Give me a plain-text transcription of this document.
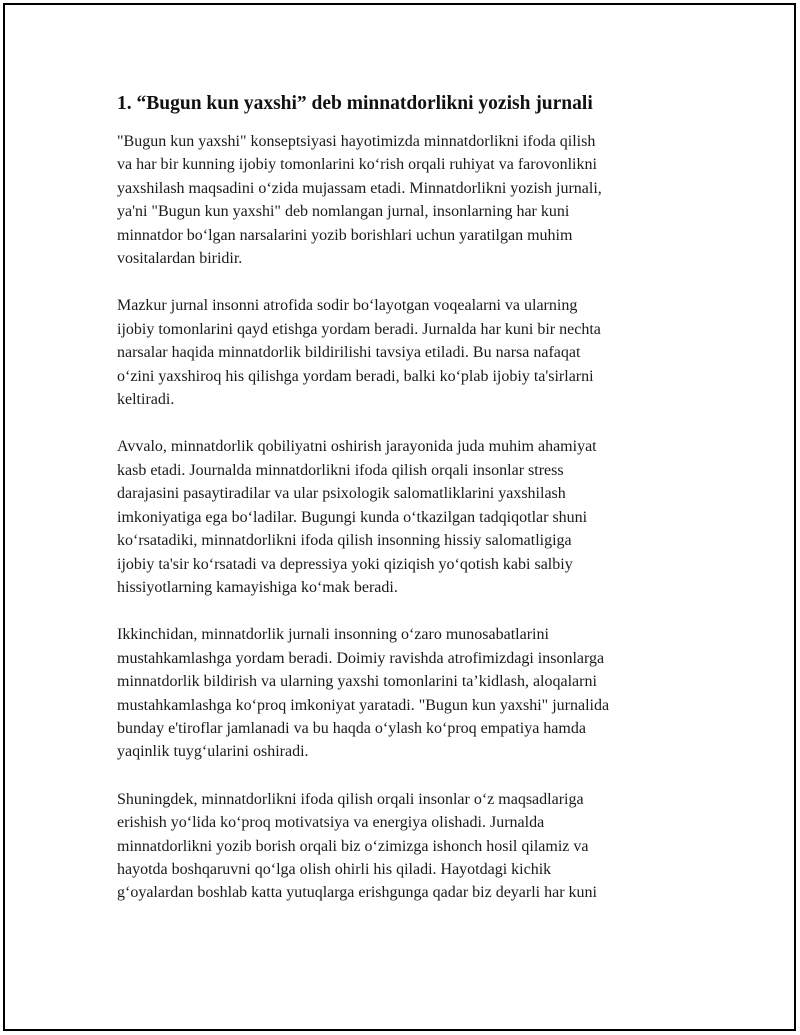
1. “Bugun kun yaxshi” deb minnatdorlikni yozish jurnali
"Bugun kun yaxshi" konseptsiyasi hayotimizda minnatdorlikni ifoda qilish
va har bir kunning ijobiy tomonlarini ko‘rish orqali ruhiyat va farovonlikni
yaxshilash maqsadini o‘zida mujassam etadi. Minnatdorlikni yozish jurnali,
ya'ni "Bugun kun yaxshi" deb nomlangan jurnal, insonlarning har kuni
minnatdor bo‘lgan narsalarini yozib borishlari uchun yaratilgan muhim
vositalardan biridir.
Mazkur jurnal insonni atrofida sodir bo‘layotgan voqealarni va ularning
ijobiy tomonlarini qayd etishga yordam beradi. Jurnalda har kuni bir nechta
narsalar haqida minnatdorlik bildirilishi tavsiya etiladi. Bu narsa nafaqat
o‘zini yaxshiroq his qilishga yordam beradi, balki ko‘plab ijobiy ta'sirlarni
keltiradi.
Avvalo, minnatdorlik qobiliyatni oshirish jarayonida juda muhim ahamiyat
kasb etadi. Journalda minnatdorlikni ifoda qilish orqali insonlar stress
darajasini pasaytiradilar va ular psixologik salomatliklarini yaxshilash
imkoniyatiga ega bo‘ladilar. Bugungi kunda o‘tkazilgan tadqiqotlar shuni
ko‘rsatadiki, minnatdorlikni ifoda qilish insonning hissiy salomatligiga
ijobiy ta'sir ko‘rsatadi va depressiya yoki qiziqish yo‘qotish kabi salbiy
hissiyotlarning kamayishiga ko‘mak beradi.
Ikkinchidan, minnatdorlik jurnali insonning o‘zaro munosabatlarini
mustahkamlashga yordam beradi. Doimiy ravishda atrofimizdagi insonlarga
minnatdorlik bildirish va ularning yaxshi tomonlarini ta’kidlash, aloqalarni
mustahkamlashga ko‘proq imkoniyat yaratadi. "Bugun kun yaxshi" jurnalida
bunday e'tiroflar jamlanadi va bu haqda o‘ylash ko‘proq empatiya hamda
yaqinlik tuyg‘ularini oshiradi.
Shuningdek, minnatdorlikni ifoda qilish orqali insonlar o‘z maqsadlariga
erishish yo‘lida ko‘proq motivatsiya va energiya olishadi. Jurnalda
minnatdorlikni yozib borish orqali biz o‘zimizga ishonch hosil qilamiz va
hayotda boshqaruvni qo‘lga olish ohirli his qiladi. Hayotdagi kichik
g‘oyalardan boshlab katta yutuqlarga erishgunga qadar biz deyarli har kuni
